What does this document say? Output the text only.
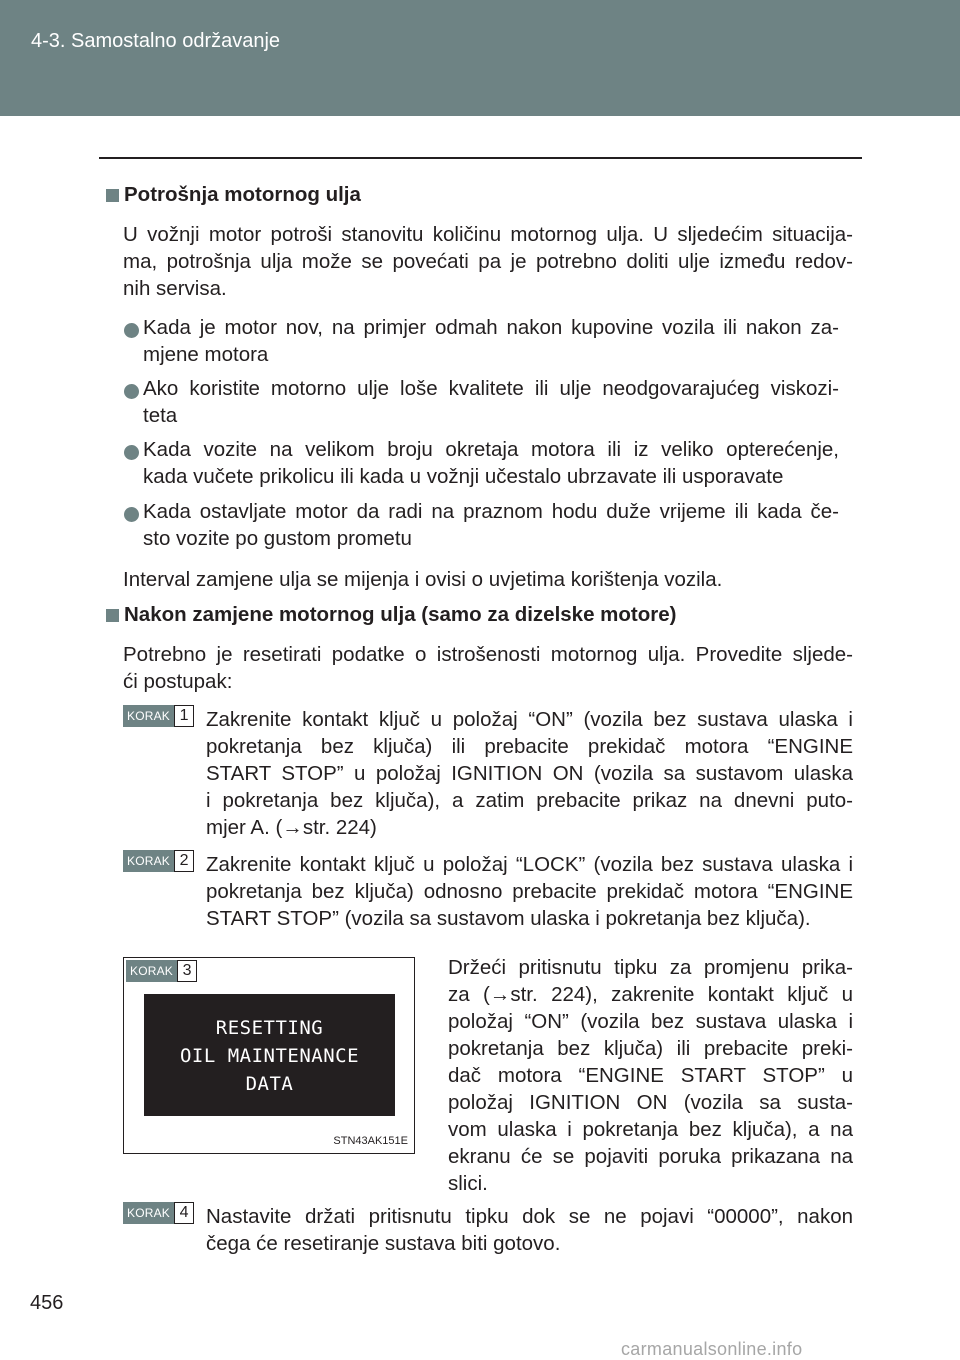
4-3. Samostalno održavanje
Potrošnja motornog ulja
U vožnji motor potroši stanovitu količinu motornog ulja. U sljedećim situacija-
ma, potrošnja ulja može se povećati pa je potrebno doliti ulje između redov-
nih servisa.
Kada je motor nov, na primjer odmah nakon kupovine vozila ili nakon za-
mjene motora
Ako koristite motorno ulje loše kvalitete ili ulje neodgovarajućeg viskozi-
teta
Kada vozite na velikom broju okretaja motora ili iz veliko opterećenje,
kada vučete prikolicu ili kada u vožnji učestalo ubrzavate ili usporavate
Kada ostavljate motor da radi na praznom hodu duže vrijeme ili kada če-
sto vozite po gustom prometu
Interval zamjene ulja se mijenja i ovisi o uvjetima korištenja vozila.
Nakon zamjene motornog ulja (samo za dizelske motore)
Potrebno je resetirati podatke o istrošenosti motornog ulja. Provedite sljede-
ći postupak:
KORAK 1 Zakrenite kontakt ključ u položaj “ON” (vozila bez sustava ulaska i
pokretanja bez ključa) ili prebacite prekidač motora “ENGINE
START STOP” u položaj IGNITION ON (vozila sa sustavom ulaska
i pokretanja bez ključa), a zatim prebacite prikaz na dnevni puto-
mjer A. (→str. 224)
KORAK 2 Zakrenite kontakt ključ u položaj “LOCK” (vozila bez sustava ulaska i
pokretanja bez ključa) odnosno prebacite prekidač motora “ENGINE
START STOP” (vozila sa sustavom ulaska i pokretanja bez ključa).
KORAK 3
RESETTING
OIL MAINTENANCE
DATA
STN43AK151E
Držeći pritisnutu tipku za promjenu prika-
za (→str. 224), zakrenite kontakt ključ u
položaj “ON” (vozila bez sustava ulaska i
pokretanja bez ključa) ili prebacite preki-
dač motora “ENGINE START STOP” u
položaj IGNITION ON (vozila sa susta-
vom ulaska i pokretanja bez ključa), a na
ekranu će se pojaviti poruka prikazana na
slici.
KORAK 4 Nastavite držati pritisnutu tipku dok se ne pojavi “00000”, nakon
čega će resetiranje sustava biti gotovo.
456
carmanualsonline.info
